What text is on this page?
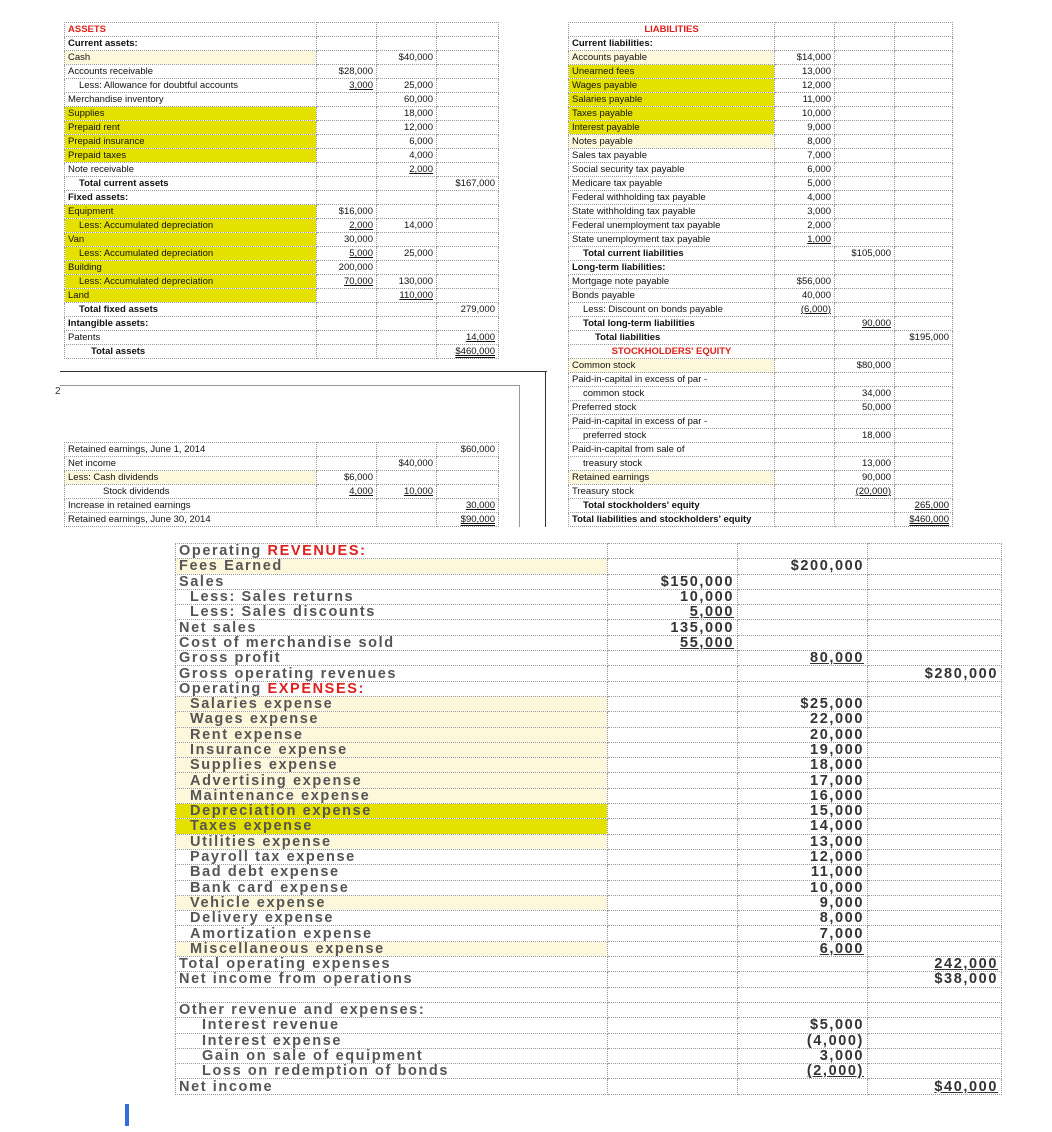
ASSETS			
Current assets:			
Cash		$40,000	
Accounts receivable	$28,000		
Less: Allowance for doubtful accounts	3,000	25,000	
Merchandise inventory		60,000	
Supplies		18,000	
Prepaid rent		12,000	
Prepaid insurance		6,000	
Prepaid taxes		4,000	
Note receivable		2,000	
Total current assets			$167,000
Fixed assets:			
Equipment	$16,000		
Less: Accumulated depreciation	2,000	14,000	
Van	30,000		
Less: Accumulated depreciation	5,000	25,000	
Building	200,000		
Less: Accumulated depreciation	70,000	130,000	
Land		110,000	
Total fixed assets			279,000
Intangible assets:			
Patents			14,000
Total assets			$460,000
LIABILITIES			
Current liabilities:			
Accounts payable	$14,000		
Unearned fees	13,000		
Wages payable	12,000		
Salaries payable	11,000		
Taxes payable	10,000		
Interest payable	9,000		
Notes payable	8,000		
Sales tax payable	7,000		
Social security tax payable	6,000		
Medicare tax payable	5,000		
Federal withholding tax payable	4,000		
State withholding tax payable	3,000		
Federal unemployment tax payable	2,000		
State unemployment tax payable	1,000		
Total current liabilities		$105,000	
Long-term liabilities:			
Mortgage note payable	$56,000		
Bonds payable	40,000		
Less: Discount on bonds payable	(6,000)		
Total long-term liabilities		90,000	
Total liabilities			$195,000
STOCKHOLDERS' EQUITY			
Common stock		$80,000	
Paid-in-capital in excess of par -			
common stock		34,000	
Preferred stock		50,000	
Paid-in-capital in excess of par -			
preferred stock		18,000	
Paid-in-capital from sale of			
treasury stock		13,000	
Retained earnings		90,000	
Treasury stock		(20,000)	
Total stockholders' equity			265,000
Total liabilities and stockholders' equity			$460,000
2
Retained earnings, June 1, 2014			$60,000
Net income		$40,000	
Less: Cash dividends	$6,000		
Stock dividends	4,000	10,000	
Increase in retained earnings			30,000
Retained earnings, June 30, 2014			$90,000
Operating REVENUES:			
Fees Earned		$200,000	
Sales	$150,000		
Less: Sales returns	10,000		
Less: Sales discounts	5,000		
Net sales	135,000		
Cost of merchandise sold	55,000		
Gross profit		80,000	
Gross operating revenues			$280,000
Operating EXPENSES:			
Salaries expense		$25,000	
Wages expense		22,000	
Rent expense		20,000	
Insurance expense		19,000	
Supplies expense		18,000	
Advertising expense		17,000	
Maintenance expense		16,000	
Depreciation expense		15,000	
Taxes expense		14,000	
Utilities expense		13,000	
Payroll tax expense		12,000	
Bad debt expense		11,000	
Bank card expense		10,000	
Vehicle expense		9,000	
Delivery expense		8,000	
Amortization expense		7,000	
Miscellaneous expense		6,000	
Total operating expenses			242,000
Net income from operations			$38,000

Other revenue and expenses:			
Interest revenue		$5,000	
Interest expense		(4,000)	
Gain on sale of equipment		3,000	
Loss on redemption of bonds		(2,000)	
Net income			$40,000
